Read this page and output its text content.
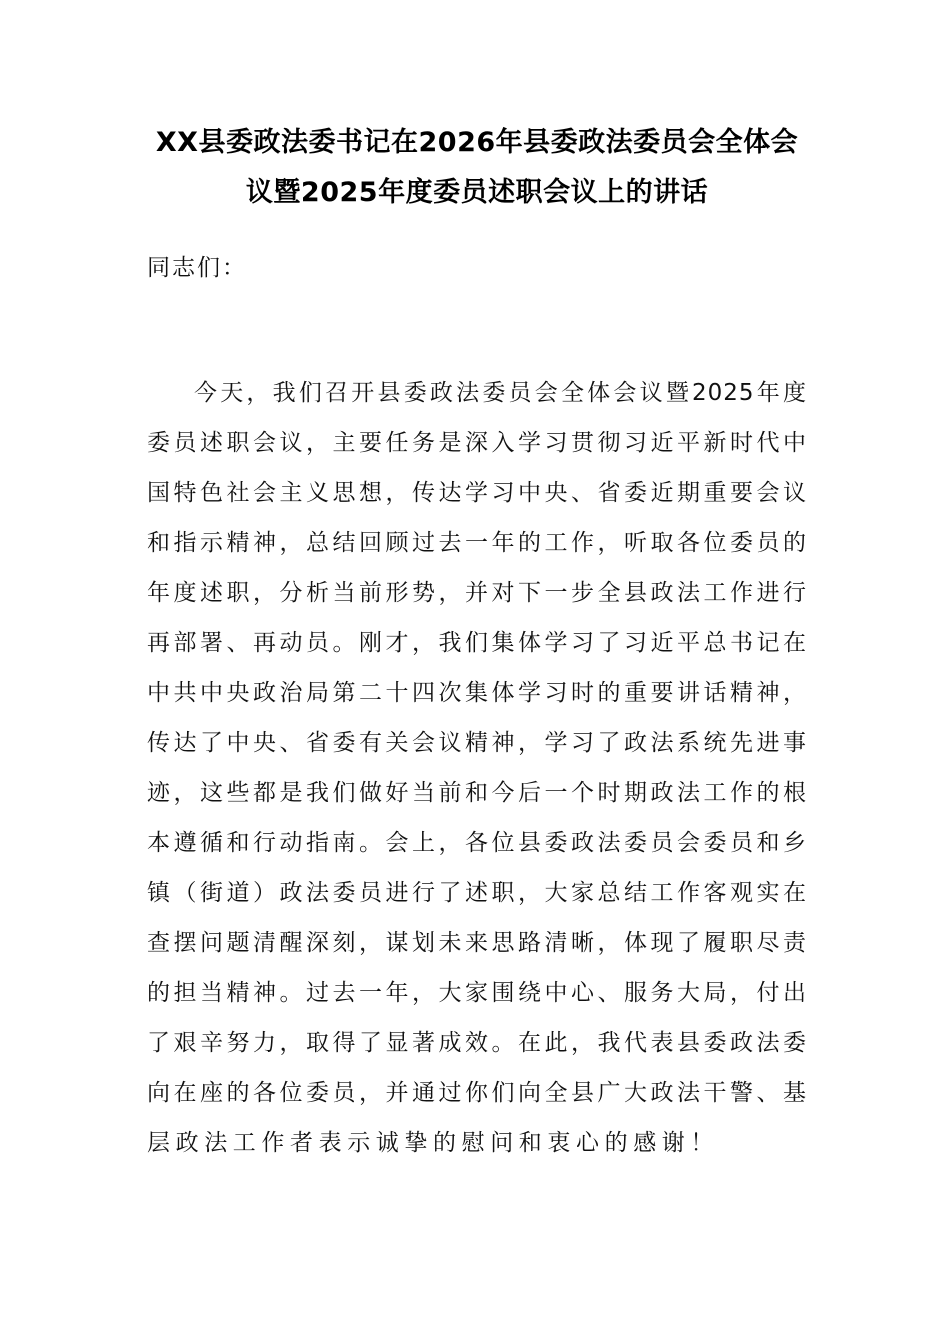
XX县委政法委书记在2026年县委政法委员会全体会
议暨2025年度委员述职会议上的讲话

同志们：

今天，我们召开县委政法委员会全体会议暨2025年度
委员述职会议，主要任务是深入学习贯彻习近平新时代中
国特色社会主义思想，传达学习中央、省委近期重要会议
和指示精神，总结回顾过去一年的工作，听取各位委员的
年度述职，分析当前形势，并对下一步全县政法工作进行
再部署、再动员。刚才，我们集体学习了习近平总书记在
中共中央政治局第二十四次集体学习时的重要讲话精神，
传达了中央、省委有关会议精神，学习了政法系统先进事
迹，这些都是我们做好当前和今后一个时期政法工作的根
本遵循和行动指南。会上，各位县委政法委员会委员和乡
镇（街道）政法委员进行了述职，大家总结工作客观实在
查摆问题清醒深刻，谋划未来思路清晰，体现了履职尽责
的担当精神。过去一年，大家围绕中心、服务大局，付出
了艰辛努力，取得了显著成效。在此，我代表县委政法委
向在座的各位委员，并通过你们向全县广大政法干警、基
层政法工作者表示诚挚的慰问和衷心的感谢！
